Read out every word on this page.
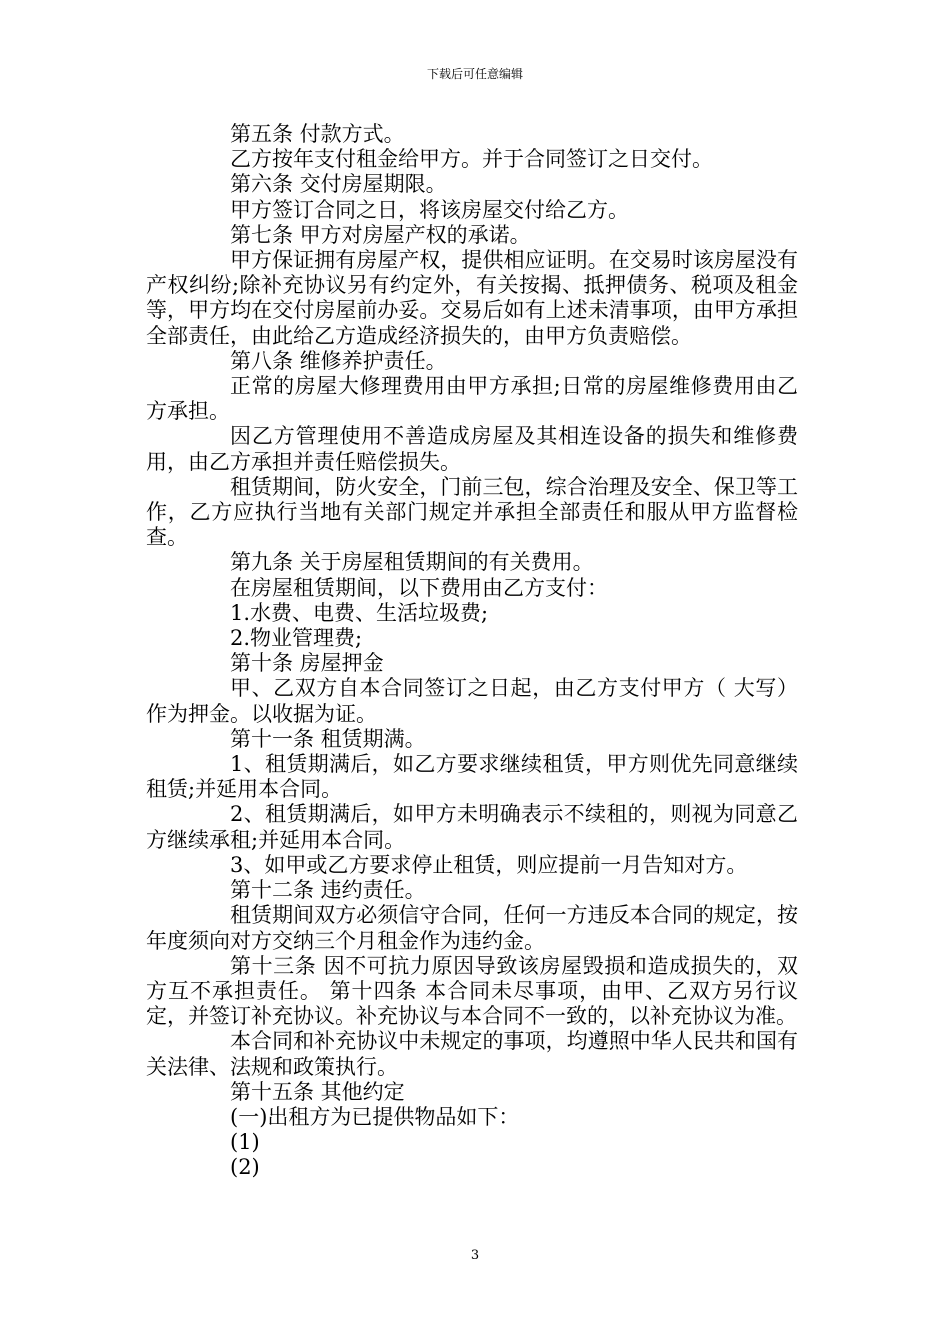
下载后可任意编辑

第五条 付款方式。

乙方按年支付租金给甲方。并于合同签订之日交付。

第六条 交付房屋期限。

甲方签订合同之日，将该房屋交付给乙方。

第七条 甲方对房屋产权的承诺。

甲方保证拥有房屋产权，提供相应证明。在交易时该房屋没有产权纠纷;除补充协议另有约定外，有关按揭、抵押债务、税项及租金等，甲方均在交付房屋前办妥。交易后如有上述未清事项，由甲方承担全部责任，由此给乙方造成经济损失的，由甲方负责赔偿。

第八条 维修养护责任。

正常的房屋大修理费用由甲方承担;日常的房屋维修费用由乙方承担。

因乙方管理使用不善造成房屋及其相连设备的损失和维修费用，由乙方承担并责任赔偿损失。

租赁期间，防火安全，门前三包，综合治理及安全、保卫等工作，乙方应执行当地有关部门规定并承担全部责任和服从甲方监督检查。

第九条 关于房屋租赁期间的有关费用。

在房屋租赁期间，以下费用由乙方支付：

1.水费、电费、生活垃圾费;

2.物业管理费;

第十条 房屋押金

甲、乙双方自本合同签订之日起，由乙方支付甲方（ 大写）作为押金。以收据为证。

第十一条 租赁期满。

1、租赁期满后，如乙方要求继续租赁，甲方则优先同意继续租赁;并延用本合同。

2、租赁期满后，如甲方未明确表示不续租的，则视为同意乙方继续承租;并延用本合同。

3、如甲或乙方要求停止租赁，则应提前一月告知对方。

第十二条 违约责任。

租赁期间双方必须信守合同，任何一方违反本合同的规定，按年度须向对方交纳三个月租金作为违约金。

第十三条 因不可抗力原因导致该房屋毁损和造成损失的，双方互不承担责任。 第十四条 本合同未尽事项，由甲、乙双方另行议定，并签订补充协议。补充协议与本合同不一致的，以补充协议为准。

本合同和补充协议中未规定的事项，均遵照中华人民共和国有关法律、法规和政策执行。

第十五条 其他约定

(一)出租方为已提供物品如下：

(1)

(2)

3
